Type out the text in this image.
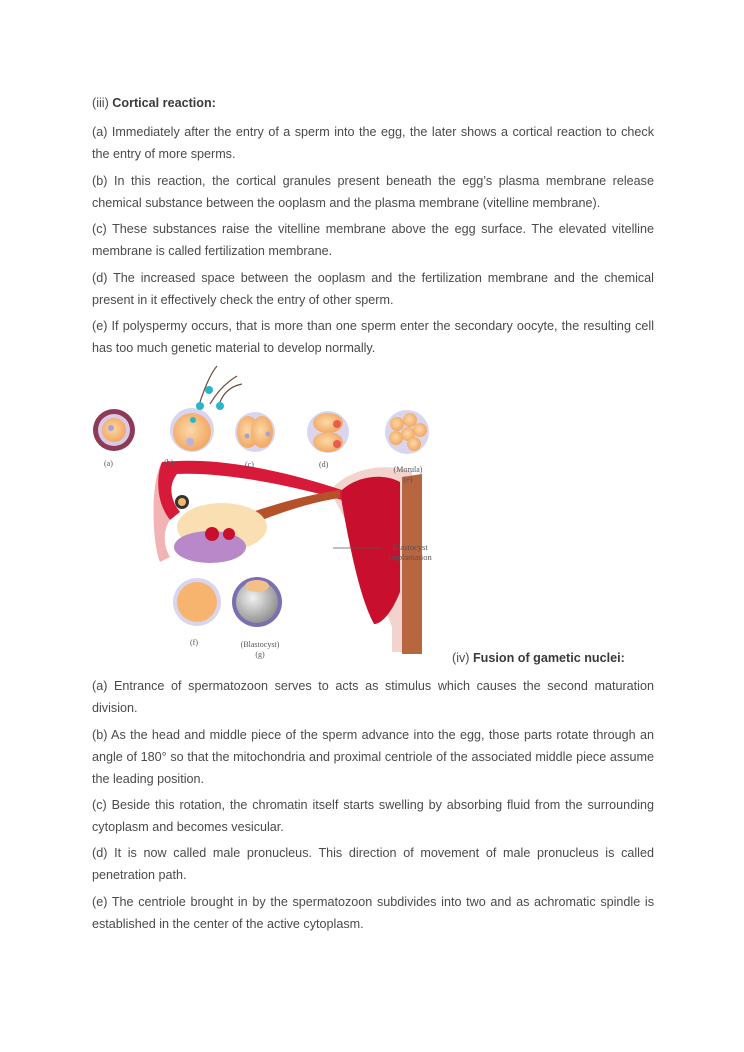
(iii) Cortical reaction:

(a) Immediately after the entry of a sperm into the egg, the later shows a cortical reaction to check the entry of more sperms.

(b) In this reaction, the cortical granules present beneath the egg’s plasma membrane release chemical substance between the ooplasm and the plasma membrane (vitelline membrane).

(c) These substances raise the vitelline membrane above the egg surface. The elevated vitelline membrane is called fertilization membrane.

(d) The increased space between the ooplasm and the fertilization membrane and the chemical present in it effectively check the entry of other sperm.

(e) If polyspermy occurs, that is more than one sperm enter the secondary oocyte, the resulting cell has too much genetic material to develop normally.

(iv) Fusion of gametic nuclei:

(a) Entrance of spermatozoon serves to acts as stimulus which causes the second maturation division.

(b) As the head and middle piece of the sperm advance into the egg, those parts rotate through an angle of 180° so that the mitochondria and proximal centriole of the associated middle piece assume the leading position.

(c) Beside this rotation, the chromatin itself starts swelling by absorbing fluid from the surrounding cytoplasm and becomes vesicular.

(d) It is now called male pronucleus. This direction of movement of male pronucleus is called penetration path.

(e) The centriole brought in by the spermatozoon subdivides into two and as achromatic spindle is established in the center of the active cytoplasm.

(a)	(b)	(c)	(d)
(Morula)
(e)
(f)	(Blastocyst)
(g)
Blastocyst
Implantation
